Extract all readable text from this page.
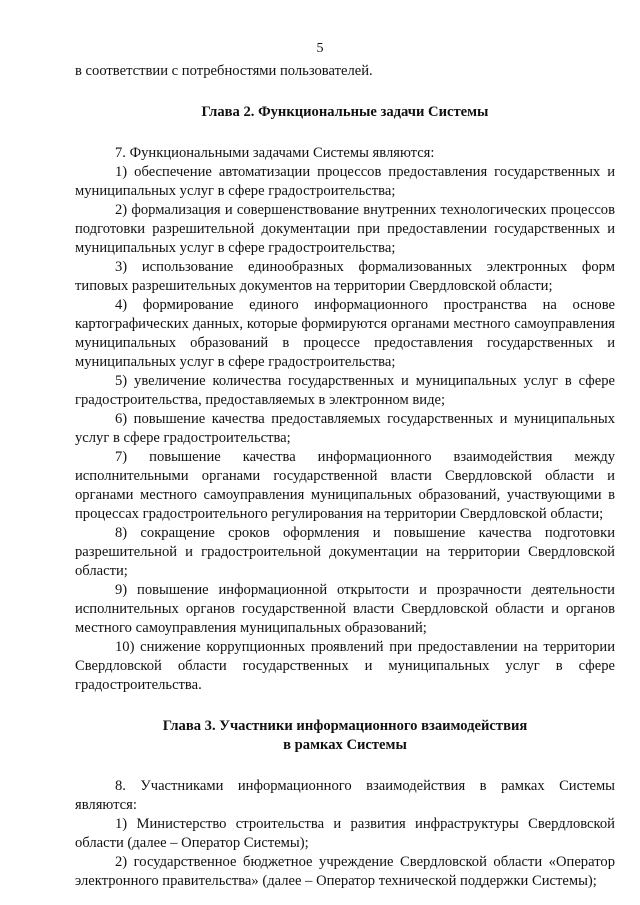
5

в соответствии с потребностями пользователей.

Глава 2. Функциональные задачи Системы

7. Функциональными задачами Системы являются:

1) обеспечение автоматизации процессов предоставления государственных и муниципальных услуг в сфере градостроительства;

2) формализация и совершенствование внутренних технологических процессов подготовки разрешительной документации при предоставлении государственных и муниципальных услуг в сфере градостроительства;

3) использование единообразных формализованных электронных форм типовых разрешительных документов на территории Свердловской области;

4) формирование единого информационного пространства на основе картографических данных, которые формируются органами местного самоуправления муниципальных образований в процессе предоставления государственных и муниципальных услуг в сфере градостроительства;

5) увеличение количества государственных и муниципальных услуг в сфере градостроительства, предоставляемых в электронном виде;

6) повышение качества предоставляемых государственных и муниципальных услуг в сфере градостроительства;

7) повышение качества информационного взаимодействия между исполнительными органами государственной власти Свердловской области и органами местного самоуправления муниципальных образований, участвующими в процессах градостроительного регулирования на территории Свердловской области;

8) сокращение сроков оформления и повышение качества подготовки разрешительной и градостроительной документации на территории Свердловской области;

9) повышение информационной открытости и прозрачности деятельности исполнительных органов государственной власти Свердловской области и органов местного самоуправления муниципальных образований;

10) снижение коррупционных проявлений при предоставлении на территории Свердловской области государственных и муниципальных услуг в сфере градостроительства.

Глава 3. Участники информационного взаимодействия
в рамках Системы

8. Участниками информационного взаимодействия в рамках Системы являются:

1) Министерство строительства и развития инфраструктуры Свердловской области (далее – Оператор Системы);

2) государственное бюджетное учреждение Свердловской области «Оператор электронного правительства» (далее – Оператор технической поддержки Системы);
